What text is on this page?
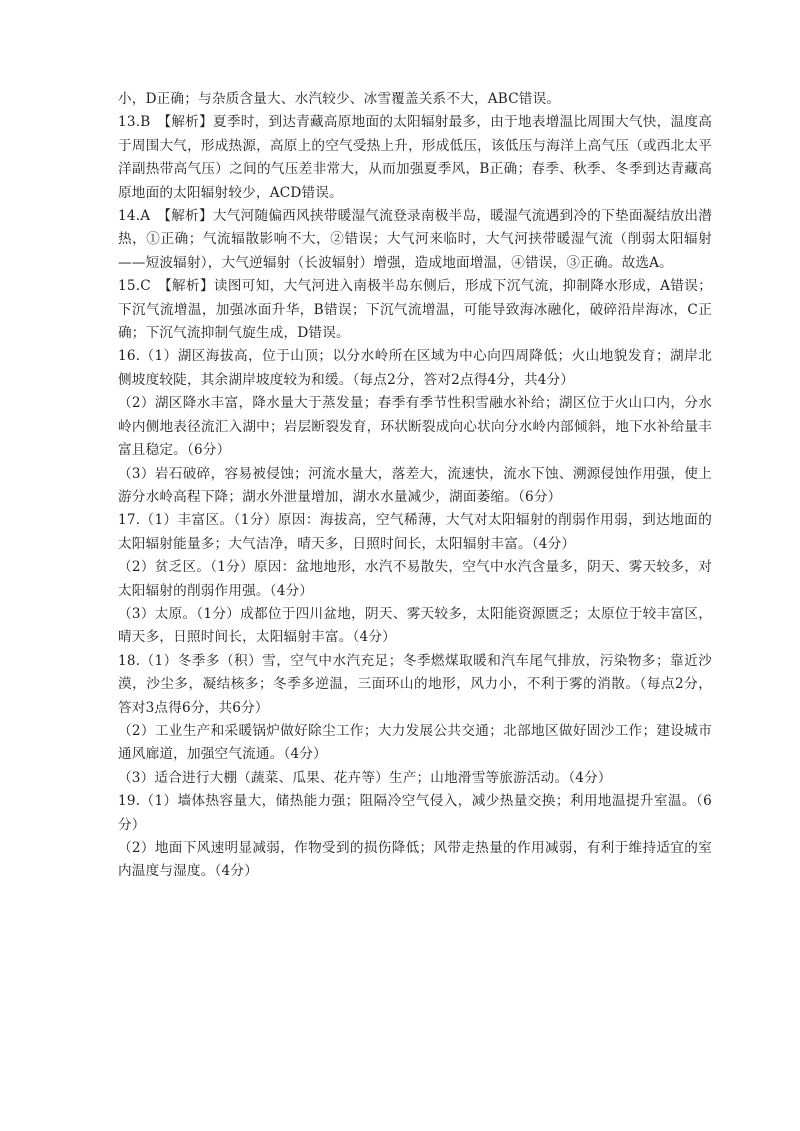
小，D正确；与杂质含量大、水汽较少、冰雪覆盖关系不大，ABC错误。

13.B　【解析】夏季时，到达青藏高原地面的太阳辐射最多，由于地表增温比周围大气快，温度高于周围大气，形成热源，高原上的空气受热上升，形成低压，该低压与海洋上高气压（或西北太平洋副热带高气压）之间的气压差非常大，从而加强夏季风，B正确；春季、秋季、冬季到达青藏高原地面的太阳辐射较少，ACD错误。

14.A　【解析】大气河随偏西风挟带暖湿气流登录南极半岛，暖湿气流遇到冷的下垫面凝结放出潜热，①正确；气流辐散影响不大，②错误；大气河来临时，大气河挟带暖湿气流（削弱太阳辐射——短波辐射），大气逆辐射（长波辐射）增强，造成地面增温，④错误，③正确。故选A。

15.C　【解析】读图可知，大气河进入南极半岛东侧后，形成下沉气流，抑制降水形成，A错误；下沉气流增温，加强冰面升华，B错误；下沉气流增温，可能导致海冰融化，破碎沿岸海冰，C正确；下沉气流抑制气旋生成，D错误。

16.（1）湖区海拔高，位于山顶；以分水岭所在区域为中心向四周降低；火山地貌发育；湖岸北侧坡度较陡，其余湖岸坡度较为和缓。（每点2分，答对2点得4分，共4分）

（2）湖区降水丰富，降水量大于蒸发量；春季有季节性积雪融水补给；湖区位于火山口内，分水岭内侧地表径流汇入湖中；岩层断裂发育，环状断裂成向心状向分水岭内部倾斜，地下水补给量丰富且稳定。（6分）

（3）岩石破碎，容易被侵蚀；河流水量大，落差大，流速快，流水下蚀、溯源侵蚀作用强，使上游分水岭高程下降；湖水外泄量增加，湖水水量减少，湖面萎缩。（6分）

17.（1）丰富区。（1分）原因：海拔高，空气稀薄，大气对太阳辐射的削弱作用弱，到达地面的太阳辐射能量多；大气洁净，晴天多，日照时间长，太阳辐射丰富。（4分）

（2）贫乏区。（1分）原因：盆地地形，水汽不易散失，空气中水汽含量多，阴天、雾天较多，对太阳辐射的削弱作用强。（4分）

（3）太原。（1分）成都位于四川盆地，阴天、雾天较多，太阳能资源匮乏；太原位于较丰富区，晴天多，日照时间长，太阳辐射丰富。（4分）

18.（1）冬季多（积）雪，空气中水汽充足；冬季燃煤取暖和汽车尾气排放，污染物多；靠近沙漠，沙尘多，凝结核多；冬季多逆温，三面环山的地形，风力小，不利于雾的消散。（每点2分，答对3点得6分，共6分）

（2）工业生产和采暖锅炉做好除尘工作；大力发展公共交通；北部地区做好固沙工作；建设城市通风廊道，加强空气流通。（4分）

（3）适合进行大棚（蔬菜、瓜果、花卉等）生产；山地滑雪等旅游活动。（4分）

19.（1）墙体热容量大，储热能力强；阻隔冷空气侵入，减少热量交换；利用地温提升室温。（6分）

（2）地面下风速明显减弱，作物受到的损伤降低；风带走热量的作用减弱，有利于维持适宜的室内温度与湿度。（4分）
